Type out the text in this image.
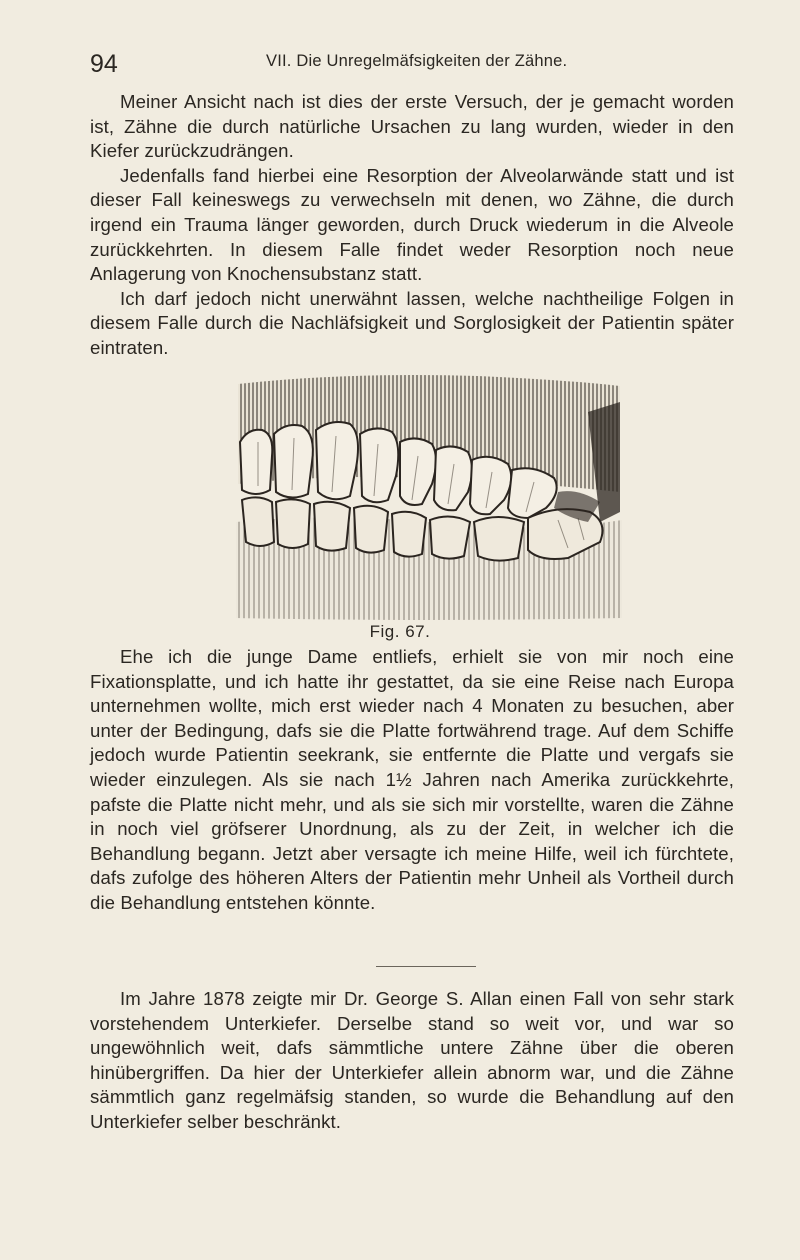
94	VII. Die Unregelmäfsigkeiten der Zähne.

Meiner Ansicht nach ist dies der erste Versuch, der je gemacht worden ist, Zähne die durch natürliche Ursachen zu lang wurden, wieder in den Kiefer zurückzudrängen.

Jedenfalls fand hierbei eine Resorption der Alveolarwände statt und ist dieser Fall keineswegs zu verwechseln mit denen, wo Zähne, die durch irgend ein Trauma länger geworden, durch Druck wiederum in die Alveole zurückkehrten. In diesem Falle findet weder Resorption noch neue Anlagerung von Knochensubstanz statt.

Ich darf jedoch nicht unerwähnt lassen, welche nachtheilige Folgen in diesem Falle durch die Nachläfsigkeit und Sorglosigkeit der Patientin später eintraten.

Fig. 67.

Ehe ich die junge Dame entliefs, erhielt sie von mir noch eine Fixationsplatte, und ich hatte ihr gestattet, da sie eine Reise nach Europa unternehmen wollte, mich erst wieder nach 4 Monaten zu besuchen, aber unter der Bedingung, dafs sie die Platte fortwährend trage. Auf dem Schiffe jedoch wurde Patientin seekrank, sie entfernte die Platte und vergafs sie wieder einzulegen. Als sie nach 1½ Jahren nach Amerika zurückkehrte, pafste die Platte nicht mehr, und als sie sich mir vorstellte, waren die Zähne in noch viel gröfserer Unordnung, als zu der Zeit, in welcher ich die Behandlung begann. Jetzt aber versagte ich meine Hilfe, weil ich fürchtete, dafs zufolge des höheren Alters der Patientin mehr Unheil als Vortheil durch die Behandlung entstehen könnte.

Im Jahre 1878 zeigte mir Dr. George S. Allan einen Fall von sehr stark vorstehendem Unterkiefer. Derselbe stand so weit vor, und war so ungewöhnlich weit, dafs sämmtliche untere Zähne über die oberen hinübergriffen. Da hier der Unterkiefer allein abnorm war, und die Zähne sämmtlich ganz regelmäfsig standen, so wurde die Behandlung auf den Unterkiefer selber beschränkt.
